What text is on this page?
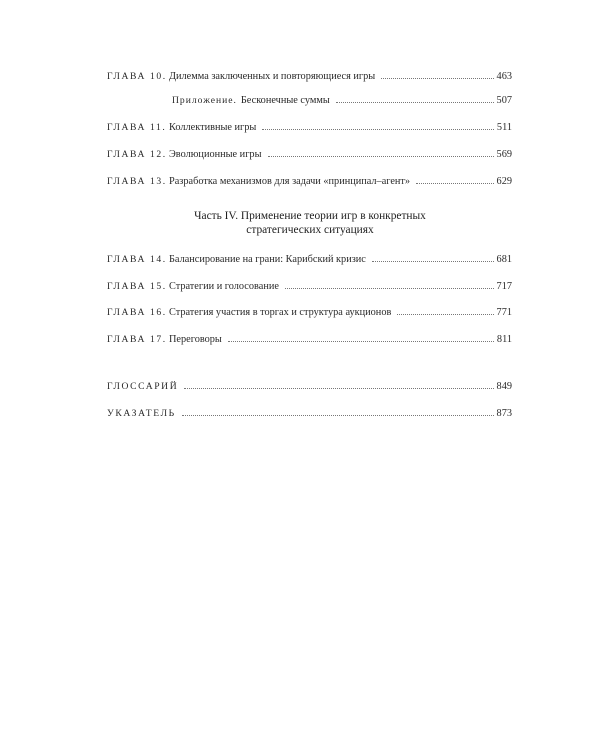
ГЛАВА 10. Дилемма заключенных и повторяющиеся игры	463
Приложение. Бесконечные суммы	507
ГЛАВА 11. Коллективные игры	511
ГЛАВА 12. Эволюционные игры	569
ГЛАВА 13. Разработка механизмов для задачи «принципал–агент»	629
Часть IV. Применение теории игр в конкретных
стратегических ситуациях
ГЛАВА 14. Балансирование на грани: Карибский кризис	681
ГЛАВА 15. Стратегии и голосование	717
ГЛАВА 16. Стратегия участия в торгах и структура аукционов	771
ГЛАВА 17. Переговоры	811
ГЛОССАРИЙ	849
УКАЗАТЕЛЬ	873
